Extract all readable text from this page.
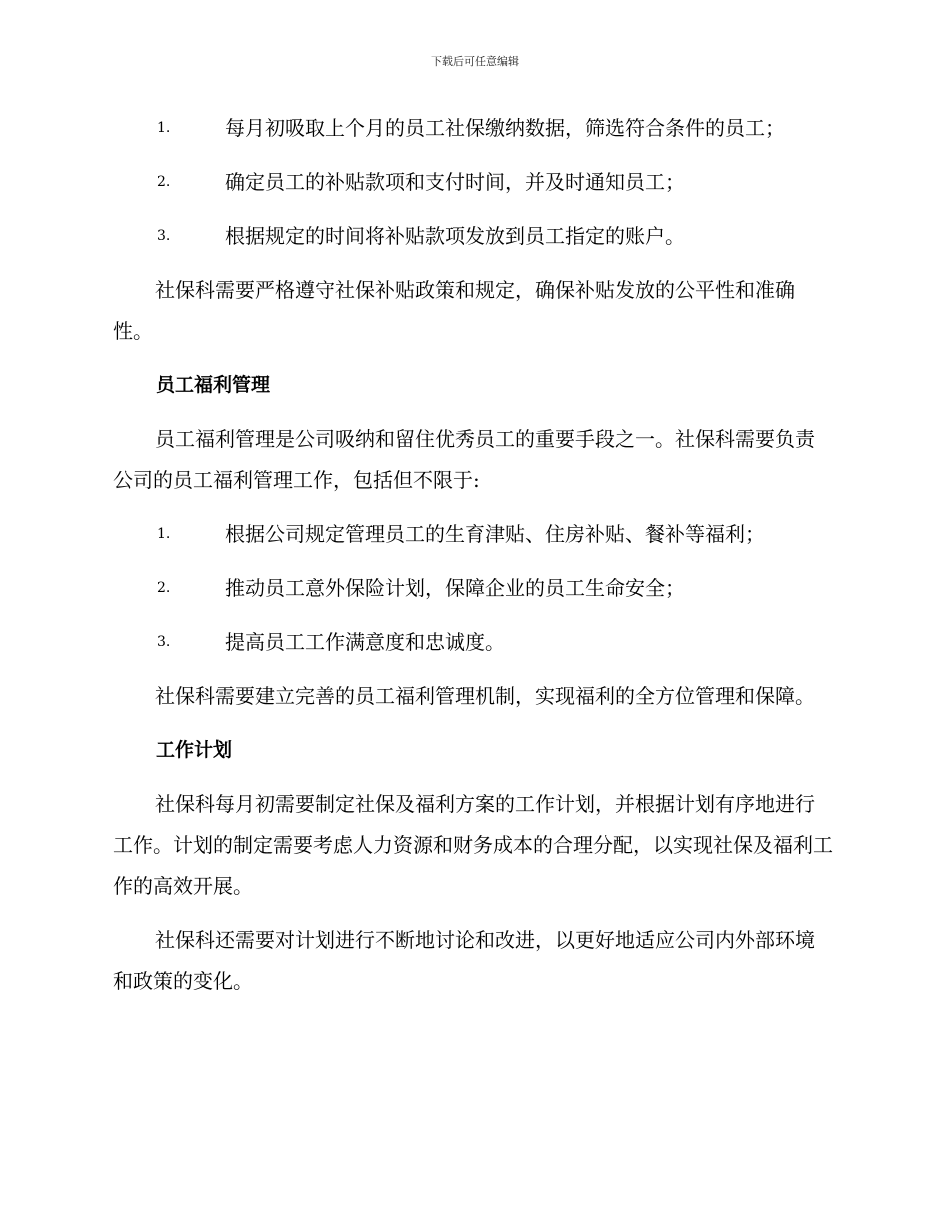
下载后可任意编辑
1.	每月初吸取上个月的员工社保缴纳数据，筛选符合条件的员工；
2.	确定员工的补贴款项和支付时间，并及时通知员工；
3.	根据规定的时间将补贴款项发放到员工指定的账户。

社保科需要严格遵守社保补贴政策和规定，确保补贴发放的公平性和准确性。

员工福利管理

员工福利管理是公司吸纳和留住优秀员工的重要手段之一。社保科需要负责公司的员工福利管理工作，包括但不限于:

1.	根据公司规定管理员工的生育津贴、住房补贴、餐补等福利；
2.	推动员工意外保险计划，保障企业的员工生命安全；
3.	提高员工工作满意度和忠诚度。

社保科需要建立完善的员工福利管理机制，实现福利的全方位管理和保障。

工作计划

社保科每月初需要制定社保及福利方案的工作计划，并根据计划有序地进行工作。计划的制定需要考虑人力资源和财务成本的合理分配，以实现社保及福利工作的高效开展。

社保科还需要对计划进行不断地讨论和改进，以更好地适应公司内外部环境和政策的变化。
